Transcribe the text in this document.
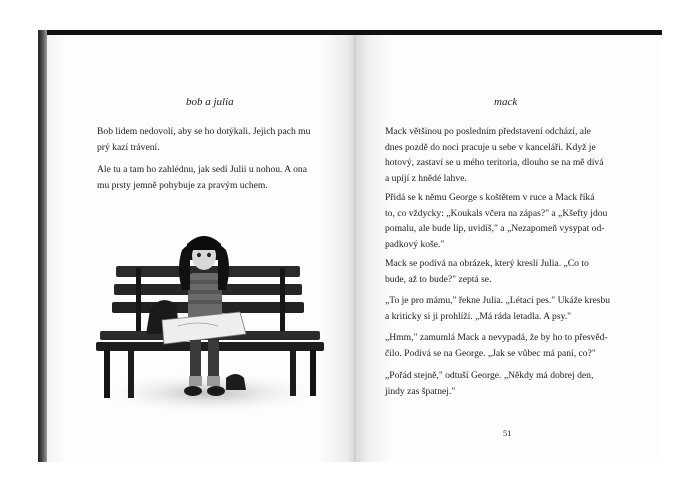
bob a julia

Bob lidem nedovolí, aby se ho dotýkali. Jejich pach mu
prý kazí trávení.

Ale tu a tam ho zahlédnu, jak sedí Julii u nohou. A ona
mu prsty jemně pohybuje za pravým uchem.

mack

Mack většinou po posledním představení odchází, ale
dnes pozdě do noci pracuje u sebe v kanceláři. Když je
hotový, zastaví se u mého teritoria, dlouho se na mě dívá
a upíjí z hnědé lahve.

Přidá se k němu George s koštětem v ruce a Mack říká
to, co vždycky: „Koukals včera na zápas?" a „Kšefty jdou
pomalu, ale bude líp, uvidíš," a „Nezapomeň vysypat od-
padkový koše."

Mack se podívá na obrázek, který kreslí Julia. „Co to
bude, až to bude?" zeptá se.

„To je pro mámu," řekne Julia. „Létací pes." Ukáže kresbu
a kriticky si ji prohlíží. „Má ráda letadla. A psy."

„Hmm," zamumlá Mack a nevypadá, že by ho to přesvěd-
čilo. Podívá se na George. „Jak se vůbec má paní, co?"

„Pořád stejně," odtuší George. „Někdy má dobrej den,
jindy zas špatnej."

51
